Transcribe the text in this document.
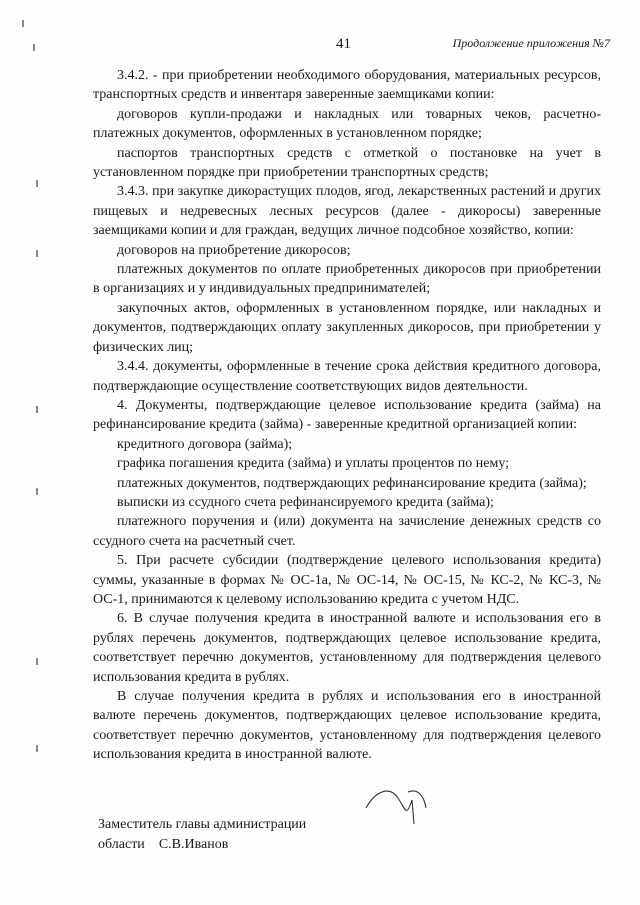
41	Продолжение приложения №7

3.4.2. - при приобретении необходимого оборудования, материальных ресурсов, транспортных средств и инвентаря заверенные заемщиками копии:

договоров купли-продажи и накладных или товарных чеков, расчетно-платежных документов, оформленных в установленном порядке;

паспортов транспортных средств с отметкой о постановке на учет в установленном порядке при приобретении транспортных средств;

3.4.3. при закупке дикорастущих плодов, ягод, лекарственных растений и других пищевых и недревесных лесных ресурсов (далее - дикоросы) заверенные заемщиками копии и для граждан, ведущих личное подсобное хозяйство, копии:

договоров на приобретение дикоросов;

платежных документов по оплате приобретенных дикоросов при приобретении в организациях и у индивидуальных предпринимателей;

закупочных актов, оформленных в установленном порядке, или накладных и документов, подтверждающих оплату закупленных дикоросов, при приобретении у физических лиц;

3.4.4. документы, оформленные в течение срока действия кредитного договора, подтверждающие осуществление соответствующих видов деятельности.

4. Документы, подтверждающие целевое использование кредита (займа) на рефинансирование кредита (займа) - заверенные кредитной организацией копии:

кредитного договора (займа);

графика погашения кредита (займа) и уплаты процентов по нему;

платежных документов, подтверждающих рефинансирование кредита (займа);

выписки из ссудного счета рефинансируемого кредита (займа);

платежного поручения и (или) документа на зачисление денежных средств со ссудного счета на расчетный счет.

5. При расчете субсидии (подтверждение целевого использования кредита) суммы, указанные в формах № ОС-1а, № ОС-14, № ОС-15, № КС-2, № КС-3, № ОС-1, принимаются к целевому использованию кредита с учетом НДС.

6. В случае получения кредита в иностранной валюте и использования его в рублях перечень документов, подтверждающих целевое использование кредита, соответствует перечню документов, установленному для подтверждения целевого использования кредита в рублях.

В случае получения кредита в рублях и использования его в иностранной валюте перечень документов, подтверждающих целевое использование кредита, соответствует перечню документов, установленному для подтверждения целевого использования кредита в иностранной валюте.

Заместитель главы администрации
области С.В.Иванов
